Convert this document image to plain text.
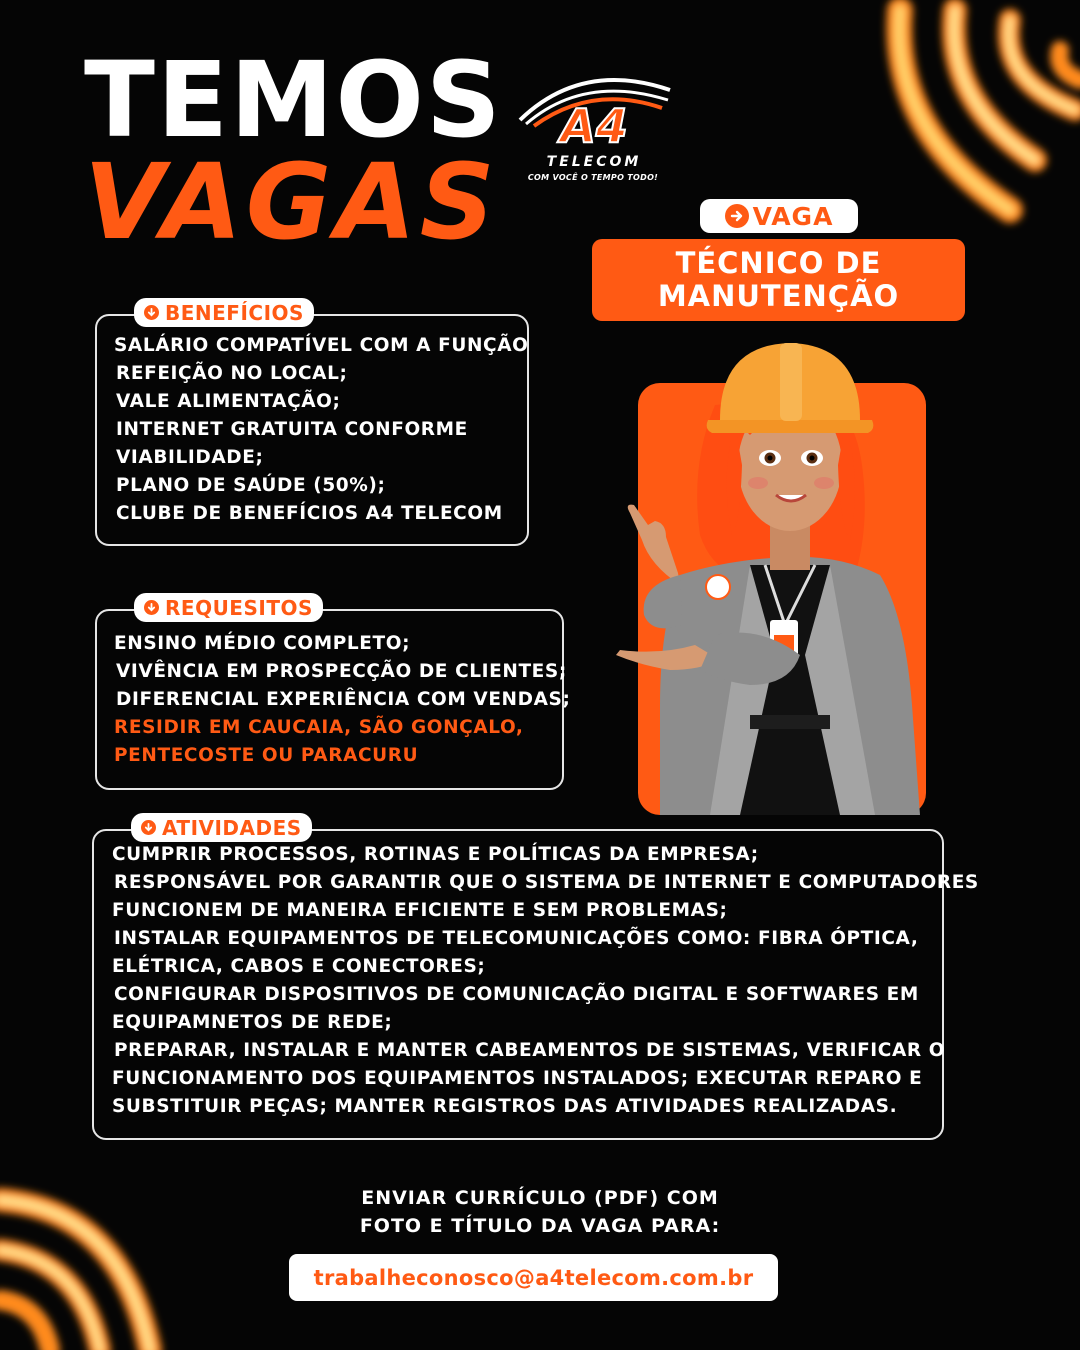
TEMOS
VAGAS
A4
TELECOM
COM VOCÊ O TEMPO TODO!
VAGA
TÉCNICO DE
MANUTENÇÃO
BENEFÍCIOS
SALÁRIO COMPATÍVEL COM A FUNÇÃO
REFEIÇÃO NO LOCAL;
VALE ALIMENTAÇÃO;
INTERNET GRATUITA CONFORME
VIABILIDADE;
PLANO DE SAÚDE (50%);
CLUBE DE BENEFÍCIOS A4 TELECOM
REQUESITOS
ENSINO MÉDIO COMPLETO;
VIVÊNCIA EM PROSPECÇÃO DE CLIENTES;
DIFERENCIAL EXPERIÊNCIA COM VENDAS;
RESIDIR EM CAUCAIA, SÃO GONÇALO,
PENTECOSTE OU PARACURU
ATIVIDADES
CUMPRIR PROCESSOS, ROTINAS E POLÍTICAS DA EMPRESA;
RESPONSÁVEL POR GARANTIR QUE O SISTEMA DE INTERNET E COMPUTADORES
FUNCIONEM DE MANEIRA EFICIENTE E SEM PROBLEMAS;
INSTALAR EQUIPAMENTOS DE TELECOMUNICAÇÕES COMO: FIBRA ÓPTICA,
ELÉTRICA, CABOS E CONECTORES;
CONFIGURAR DISPOSITIVOS DE COMUNICAÇÃO DIGITAL E SOFTWARES EM
EQUIPAMNETOS DE REDE;
PREPARAR, INSTALAR E MANTER CABEAMENTOS DE SISTEMAS, VERIFICAR O
FUNCIONAMENTO DOS EQUIPAMENTOS INSTALADOS; EXECUTAR REPARO E
SUBSTITUIR PEÇAS; MANTER REGISTROS DAS ATIVIDADES REALIZADAS.
ENVIAR CURRÍCULO (PDF) COM
FOTO E TÍTULO DA VAGA PARA:
trabalheconosco@a4telecom.com.br
